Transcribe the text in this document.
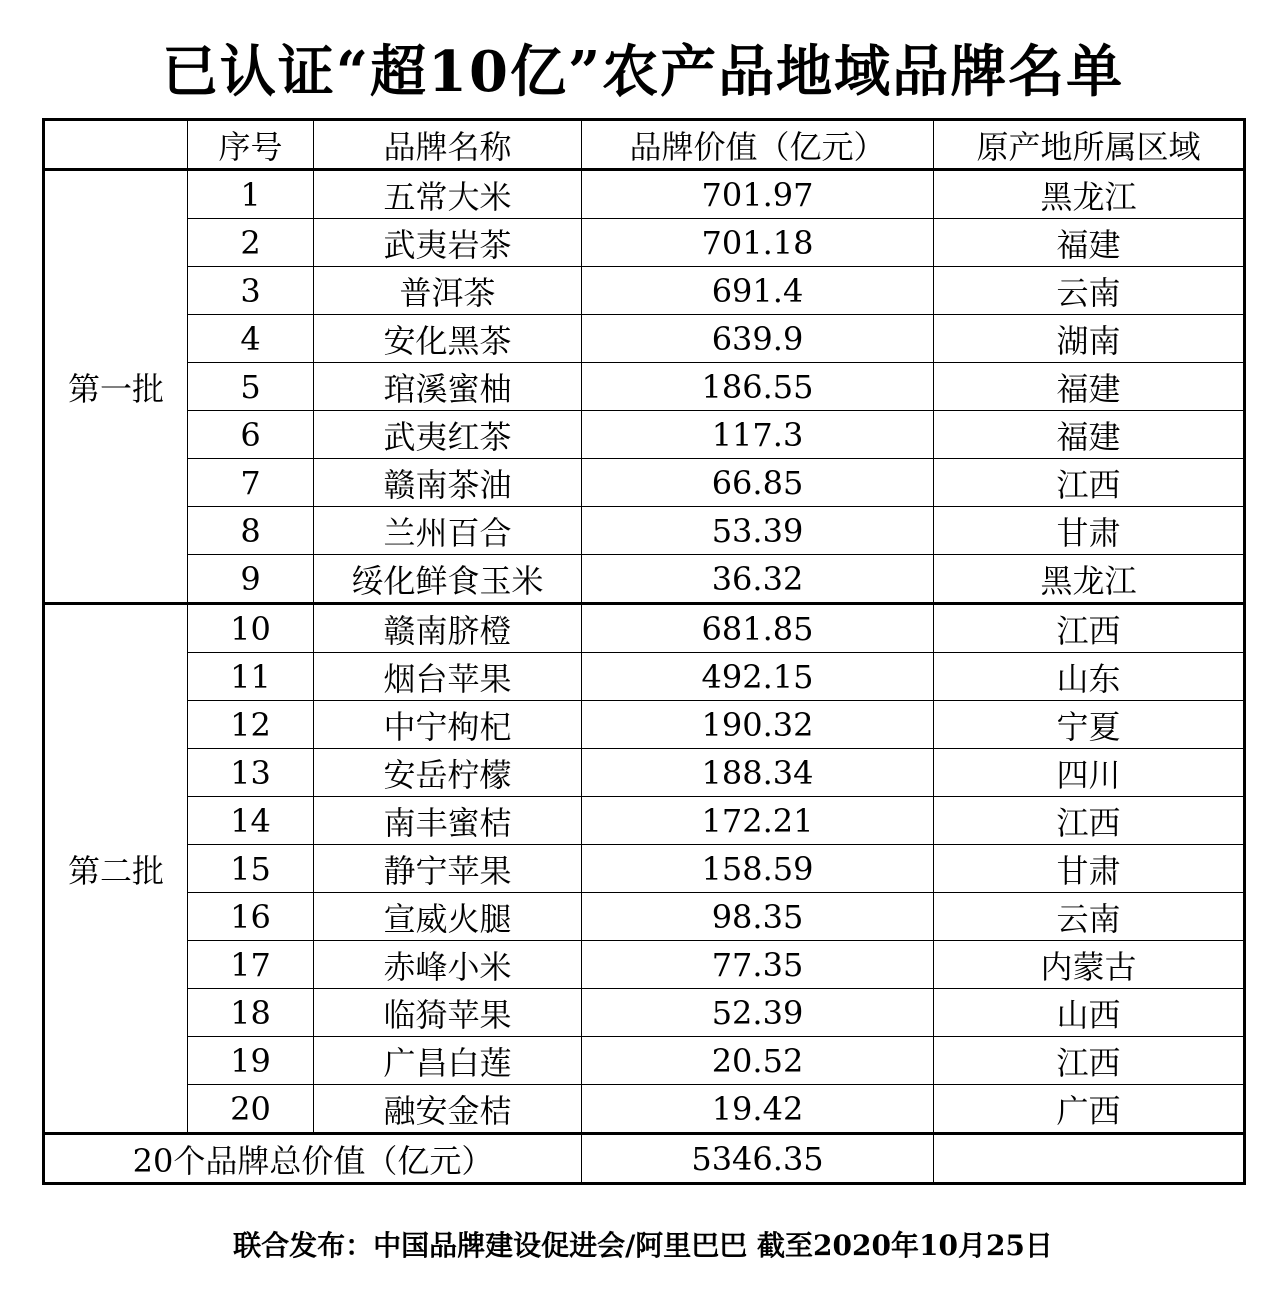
已认证“超10亿”农产品地域品牌名单
	序号	品牌名称	品牌价值（亿元）	原产地所属区域
第一批	1	五常大米	701.97	黑龙江
	2	武夷岩茶	701.18	福建
	3	普洱茶	691.4	云南
	4	安化黑茶	639.9	湖南
	5	琯溪蜜柚	186.55	福建
	6	武夷红茶	117.3	福建
	7	赣南茶油	66.85	江西
	8	兰州百合	53.39	甘肃
	9	绥化鲜食玉米	36.32	黑龙江
第二批	10	赣南脐橙	681.85	江西
	11	烟台苹果	492.15	山东
	12	中宁枸杞	190.32	宁夏
	13	安岳柠檬	188.34	四川
	14	南丰蜜桔	172.21	江西
	15	静宁苹果	158.59	甘肃
	16	宣威火腿	98.35	云南
	17	赤峰小米	77.35	内蒙古
	18	临猗苹果	52.39	山西
	19	广昌白莲	20.52	江西
	20	融安金桔	19.42	广西
20个品牌总价值（亿元）			5346.35	
联合发布：中国品牌建设促进会/阿里巴巴 截至2020年10月25日
